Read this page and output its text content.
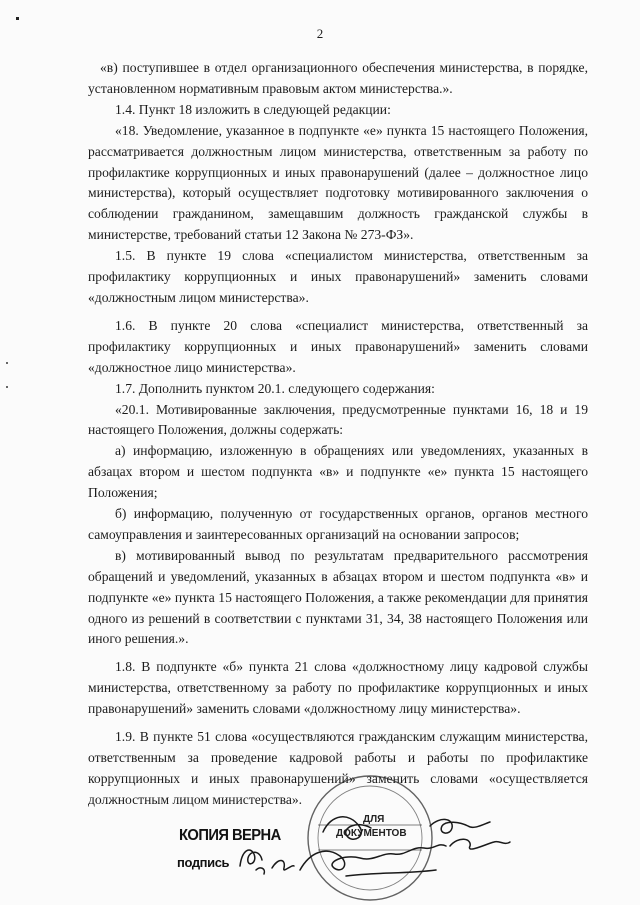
2

«в) поступившее в отдел организационного обеспечения министерства, в порядке, установленном нормативным правовым актом министерства.».

1.4. Пункт 18 изложить в следующей редакции:

«18. Уведомление, указанное в подпункте «е» пункта 15 настоящего Положения, рассматривается должностным лицом министерства, ответственным за работу по профилактике коррупционных и иных правонарушений (далее – должностное лицо министерства), который осуществляет подготовку мотивированного заключения о соблюдении гражданином, замещавшим должность гражданской службы в министерстве, требований статьи 12 Закона № 273-ФЗ».

1.5. В пункте 19 слова «специалистом министерства, ответственным за профилактику коррупционных и иных правонарушений» заменить словами «должностным лицом министерства».

1.6. В пункте 20 слова «специалист министерства, ответственный за профилактику коррупционных и иных правонарушений» заменить словами «должностное лицо министерства».

1.7. Дополнить пунктом 20.1. следующего содержания:

«20.1. Мотивированные заключения, предусмотренные пунктами 16, 18 и 19 настоящего Положения, должны содержать:

а) информацию, изложенную в обращениях или уведомлениях, указанных в абзацах втором и шестом подпункта «в» и подпункте «е» пункта 15 настоящего Положения;

б) информацию, полученную от государственных органов, органов местного самоуправления и заинтересованных организаций на основании запросов;

в) мотивированный вывод по результатам предварительного рассмотрения обращений и уведомлений, указанных в абзацах втором и шестом подпункта «в» и подпункте «е» пункта 15 настоящего Положения, а также рекомендации для принятия одного из решений в соответствии с пунктами 31, 34, 38 настоящего Положения или иного решения.».

1.8. В подпункте «б» пункта 21 слова «должностному лицу кадровой службы министерства, ответственному за работу по профилактике коррупционных и иных правонарушений» заменить словами «должностному лицу министерства».

1.9. В пункте 51 слова «осуществляются гражданским служащим министерства, ответственным за проведение кадровой работы и работы по профилактике коррупционных и иных правонарушений» заменить словами «осуществляется должностным лицом министерства».

КОПИЯ ВЕРНА
подпись
ДЛЯ
ДОКУМЕНТОВ
